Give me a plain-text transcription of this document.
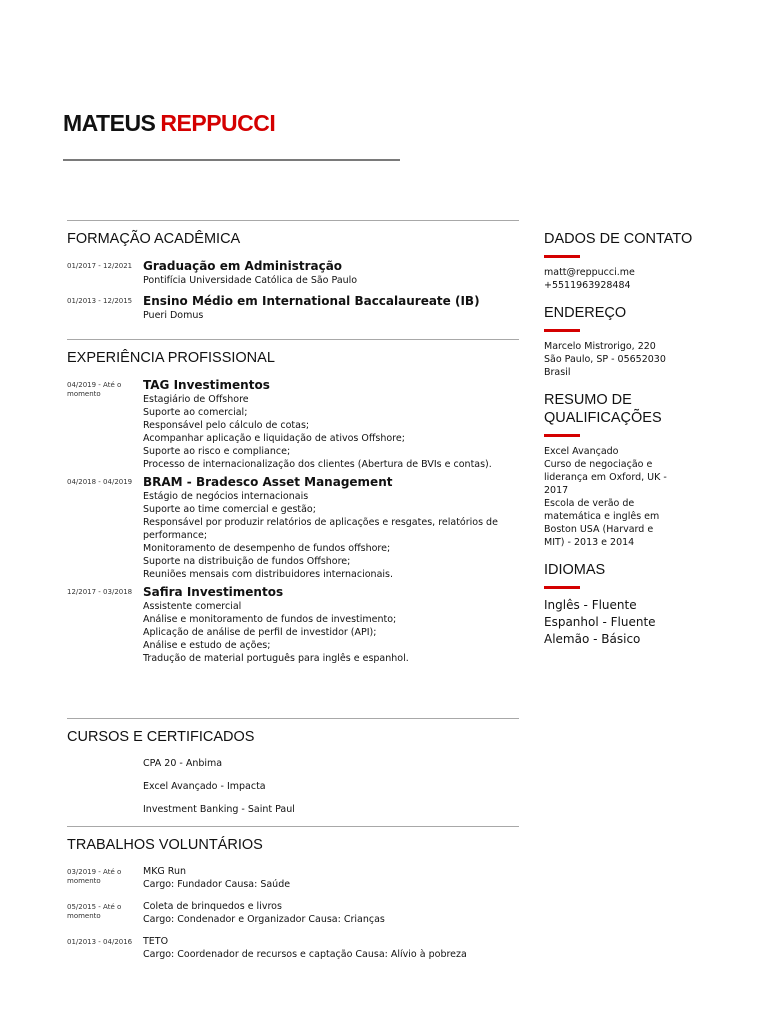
MATEUS REPPUCCI
FORMAÇÃO ACADÊMICA
01/2017 - 12/2021 Graduação em Administração
Pontifícia Universidade Católica de São Paulo
01/2013 - 12/2015 Ensino Médio em International Baccalaureate (IB)
Pueri Domus
EXPERIÊNCIA PROFISSIONAL
04/2019 - Até o momento
TAG Investimentos
Estagiário de Offshore
Suporte ao comercial;
Responsável pelo cálculo de cotas;
Acompanhar aplicação e liquidação de ativos Offshore;
Suporte ao risco e compliance;
Processo de internacionalização dos clientes (Abertura de BVIs e contas).
04/2018 - 04/2019 BRAM - Bradesco Asset Management
Estágio de negócios internacionais
Suporte ao time comercial e gestão;
Responsável por produzir relatórios de aplicações e resgates, relatórios de performance;
Monitoramento de desempenho de fundos offshore;
Suporte na distribuição de fundos Offshore;
Reuniões mensais com distribuidores internacionais.
12/2017 - 03/2018 Safira Investimentos
Assistente comercial
Análise e monitoramento de fundos de investimento;
Aplicação de análise de perfil de investidor (API);
Análise e estudo de ações;
Tradução de material português para inglês e espanhol.
CURSOS E CERTIFICADOS
CPA 20 - Anbima
Excel Avançado - Impacta
Investment Banking - Saint Paul
TRABALHOS VOLUNTÁRIOS
03/2019 - Até o momento
MKG Run
Cargo: Fundador Causa: Saúde
05/2015 - Até o momento
Coleta de brinquedos e livros
Cargo: Condenador e Organizador Causa: Crianças
01/2013 - 04/2016	TETO
Cargo: Coordenador de recursos e captação Causa: Alívio à pobreza
DADOS DE CONTATO
matt@reppucci.me
+5511963928484
ENDEREÇO
Marcelo Mistrorigo, 220
São Paulo, SP - 05652030
Brasil
RESUMO DE
QUALIFICAÇÕES
Excel Avançado
Curso de negociação e
liderança em Oxford, UK -
2017
Escola de verão de
matemática e inglês em
Boston USA (Harvard e
MIT) - 2013 e 2014
IDIOMAS
Inglês - Fluente
Espanhol - Fluente
Alemão - Básico
